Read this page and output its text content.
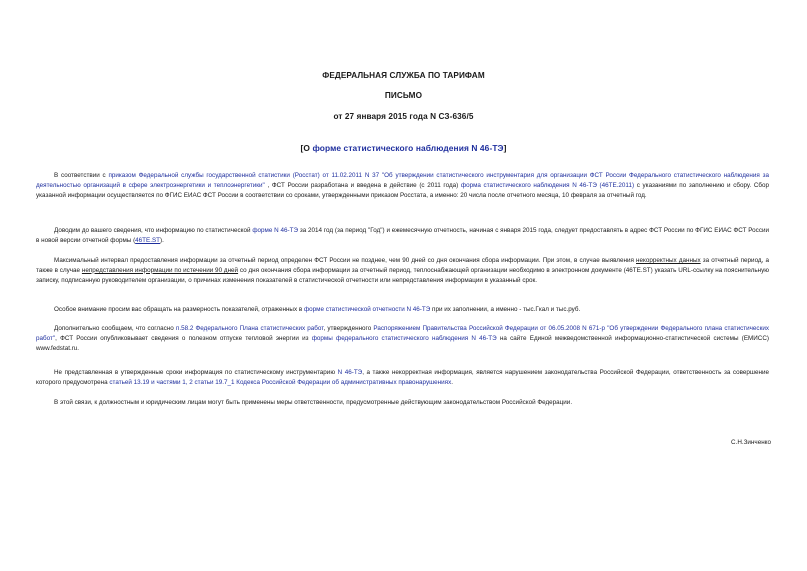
ФЕДЕРАЛЬНАЯ СЛУЖБА ПО ТАРИФАМ
ПИСЬМО
от 27 января 2015 года N СЗ-636/5
[О форме статистического наблюдения N 46-ТЭ]

В соответствии с приказом Федеральной службы государственной статистики (Росстат) от 11.02.2011 N 37 "Об утверждении статистического инструментария для организации ФСТ России Федерального статистического наблюдения за деятельностью организаций в сфере электроэнергетики и теплоэнергетики" , ФСТ России разработана и введена в действие (с 2011 года) форма статистического наблюдения N 46-ТЭ (46ТЕ.2011) с указаниями по заполнению и сбору. Сбор указанной информации осуществляется по ФГИС ЕИАС ФСТ России в соответствии со сроками, утвержденными приказом Росстата, а именно: 20 числа после отчетного месяца, 10 февраля за отчетный год.

Доводим до вашего сведения, что информацию по статистической форме N 46-ТЭ за 2014 год (за период "Год") и ежемесячную отчетность, начиная с января 2015 года, следует предоставлять в адрес ФСТ России по ФГИС ЕИАС ФСТ России в новой версии отчетной формы (46TE.ST).

Максимальный интервал предоставления информации за отчетный период определен ФСТ России не позднее, чем 90 дней со дня окончания сбора информации. При этом, в случае выявления некорректных данных за отчетный период, а также в случае непредставления информации по истечении 90 дней со дня окончания сбора информации за отчетный период, теплоснабжающей организации необходимо в электронном документе (46TE.ST) указать URL-ссылку на пояснительную записку, подписанную руководителем организации, о причинах изменения показателей в статистической отчетности или непредставления информации в указанный срок.

Особое внимание просим вас обращать на размерность показателей, отраженных в форме статистической отчетности N 46-ТЭ при их заполнении, а именно - тыс.Гкал и тыс.руб.

Дополнительно сообщаем, что согласно п.58.2 Федерального Плана статистических работ, утвержденного Распоряжением Правительства Российской Федерации от 06.05.2008 N 671-р "Об утверждении Федерального плана статистических работ", ФСТ России опубликовывает сведения о полезном отпуске тепловой энергии из формы федерального статистического наблюдения N 46-ТЭ на сайте Единой межведомственной информационно-статистической системы (ЕМИСС) www.fedstat.ru.

Не представленная в утвержденные сроки информация по статистическому инструментарию N 46-ТЭ, а также некорректная информация, является нарушением законодательства Российской Федерации, ответственность за совершение которого предусмотрена статьей 13.19 и частями 1, 2 статьи 19.7_1 Кодекса Российской Федерации об административных правонарушениях.

В этой связи, к должностным и юридическим лицам могут быть применены меры ответственности, предусмотренные действующим законодательством Российской Федерации.

С.Н.Зинченко
